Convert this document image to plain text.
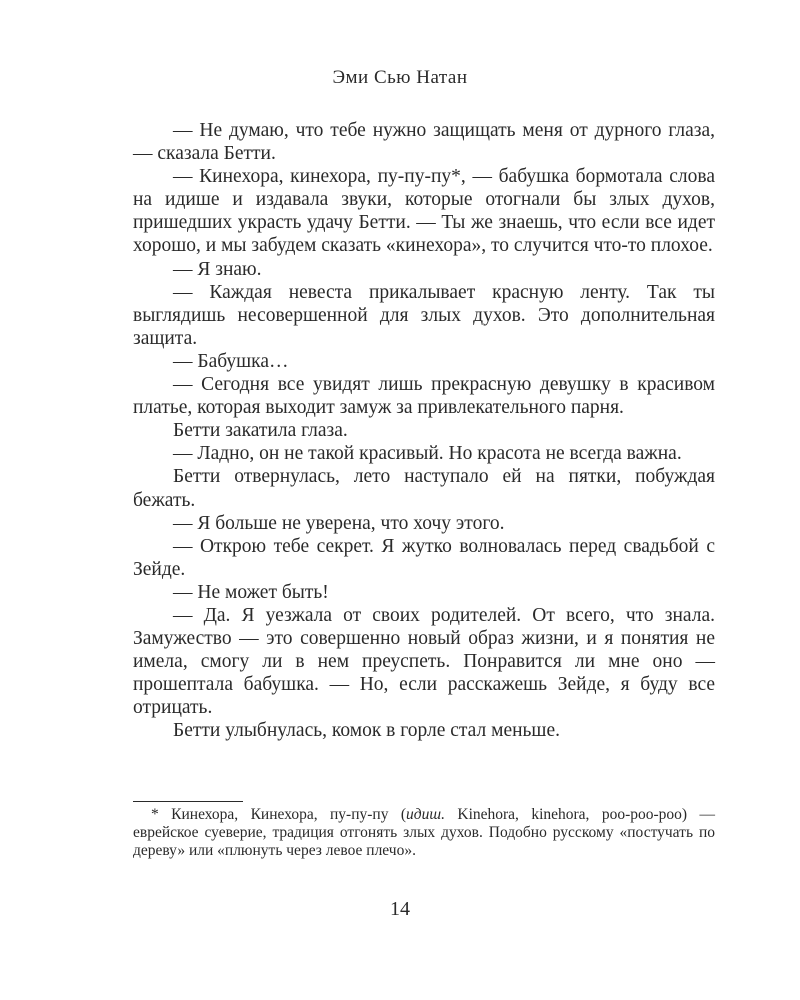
Эми Сью Натан

— Не думаю, что тебе нужно защищать меня от дурного глаза, — сказала Бетти.

— Кинехора, кинехора, пу-пу-пу*, — бабушка бормотала слова на идише и издавала звуки, которые отогнали бы злых духов, пришедших украсть удачу Бетти. — Ты же знаешь, что если все идет хорошо, и мы забудем сказать «кинехора», то случится что-то плохое.

— Я знаю.

— Каждая невеста прикалывает красную ленту. Так ты выглядишь несовершенной для злых духов. Это дополнительная защита.

— Бабушка…

— Сегодня все увидят лишь прекрасную девушку в красивом платье, которая выходит замуж за привлекательного парня.

Бетти закатила глаза.

— Ладно, он не такой красивый. Но красота не всегда важна.

Бетти отвернулась, лето наступало ей на пятки, побуждая бежать.

— Я больше не уверена, что хочу этого.

— Открою тебе секрет. Я жутко волновалась перед свадьбой с Зейде.

— Не может быть!

— Да. Я уезжала от своих родителей. От всего, что знала. Замужество — это совершенно новый образ жизни, и я понятия не имела, смогу ли в нем преуспеть. Понравится ли мне оно — прошептала бабушка. — Но, если расскажешь Зейде, я буду все отрицать.

Бетти улыбнулась, комок в горле стал меньше.

* Кинехора, Кинехора, пу-пу-пу (идиш. Kinehora, kinehora, poo-poo-poo) — еврейское суеверие, традиция отгонять злых духов. Подобно русскому «постучать по дереву» или «плюнуть через левое плечо».

14
